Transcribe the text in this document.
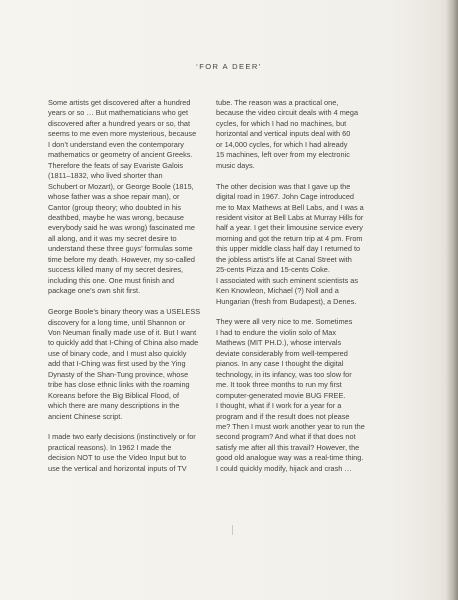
‘FOR A DEER’

Some artists get discovered after a hundred
years or so … But mathematicians who get
discovered after a hundred years or so, that
seems to me even more mysterious, because
I don’t understand even the contemporary
mathematics or geometry of ancient Greeks.
Therefore the feats of say Evariste Galois
(1811–1832, who lived shorter than
Schubert or Mozart), or George Boole (1815,
whose father was a shoe repair man), or
Cantor (group theory; who doubted in his
deathbed, maybe he was wrong, because
everybody said he was wrong) fascinated me
all along, and it was my secret desire to
understand these three guys’ formulas some
time before my death. However, my so-called
success killed many of my secret desires,
including this one. One must finish and
package one’s own shit first.

George Boole’s binary theory was a USELESS
discovery for a long time, until Shannon or
Von Neuman finally made use of it. But I want
to quickly add that I-Ching of China also made
use of binary code, and I must also quickly
add that I-Ching was first used by the Ying
Dynasty of the Shan-Tung province, whose
tribe has close ethnic links with the roaming
Koreans before the Big Biblical Flood, of
which there are many descriptions in the
ancient Chinese script.

I made two early decisions (instinctively or for
practical reasons). In 1962 I made the
decision NOT to use the Video Input but to
use the vertical and horizontal inputs of TV

tube. The reason was a practical one,
because the video circuit deals with 4 mega
cycles, for which I had no machines, but
horizontal and vertical inputs deal with 60
or 14,000 cycles, for which I had already
15 machines, left over from my electronic
music days.

The other decision was that I gave up the
digital road in 1967. John Cage introduced
me to Max Mathews at Bell Labs, and I was a
resident visitor at Bell Labs at Murray Hills for
half a year. I get their limousine service every
morning and got the return trip at 4 pm. From
this upper middle class half day I returned to
the jobless artist’s life at Canal Street with
25-cents Pizza and 15-cents Coke.
I associated with such eminent scientists as
Ken Knowleon, Michael (?) Noll and a
Hungarian (fresh from Budapest), a Denes.

They were all very nice to me. Sometimes
I had to endure the violin solo of Max
Mathews (MIT PH.D.), whose intervals
deviate considerably from well-tempered
pianos. In any case I thought the digital
technology, in its infancy, was too slow for
me. It took three months to run my first
computer-generated movie BUG FREE.
I thought, what if I work for a year for a
program and if the result does not please
me? Then I must work another year to run the
second program? And what if that does not
satisfy me after all this travail? However, the
good old analogue way was a real-time thing.
I could quickly modify, hijack and crash …
